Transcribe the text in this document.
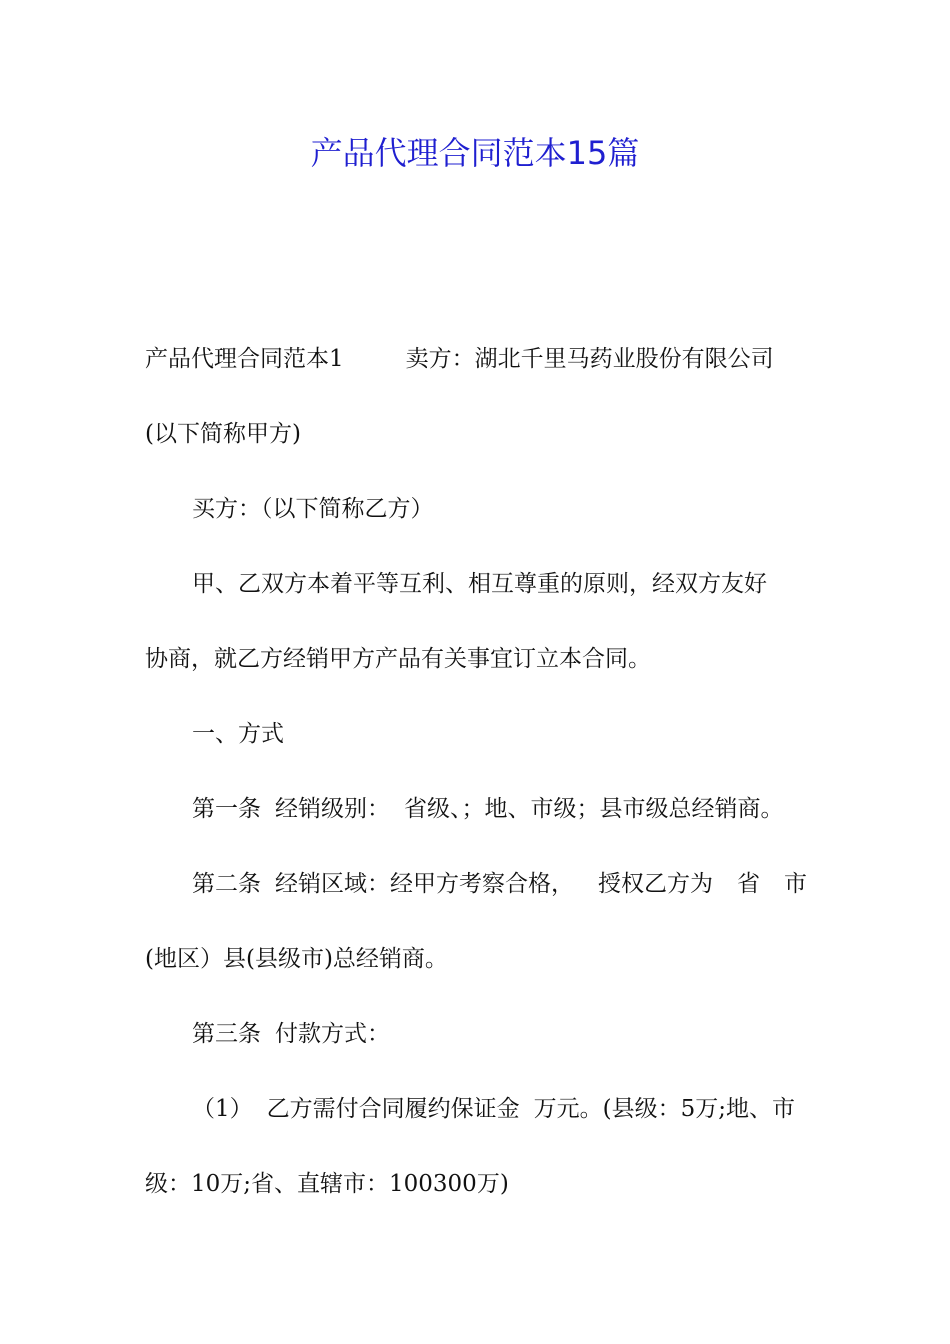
产品代理合同范本15篇
产品代理合同范本1	卖方：湖北千里马药业股份有限公司
(以下简称甲方)
买方：（以下简称乙方）
甲、乙双方本着平等互利、相互尊重的原则，经双方友好
协商，就乙方经销甲方产品有关事宜订立本合同。
一、方式
第一条 经销级别： 省级、；地、市级；县市级总经销商。
第二条 经销区域：经甲方考察合格， 授权乙方为 省 市
(地区）县(县级市)总经销商。
第三条 付款方式：
（1） 乙方需付合同履约保证金 万元。(县级：5万;地、市
级：10万;省、直辖市：100300万)
